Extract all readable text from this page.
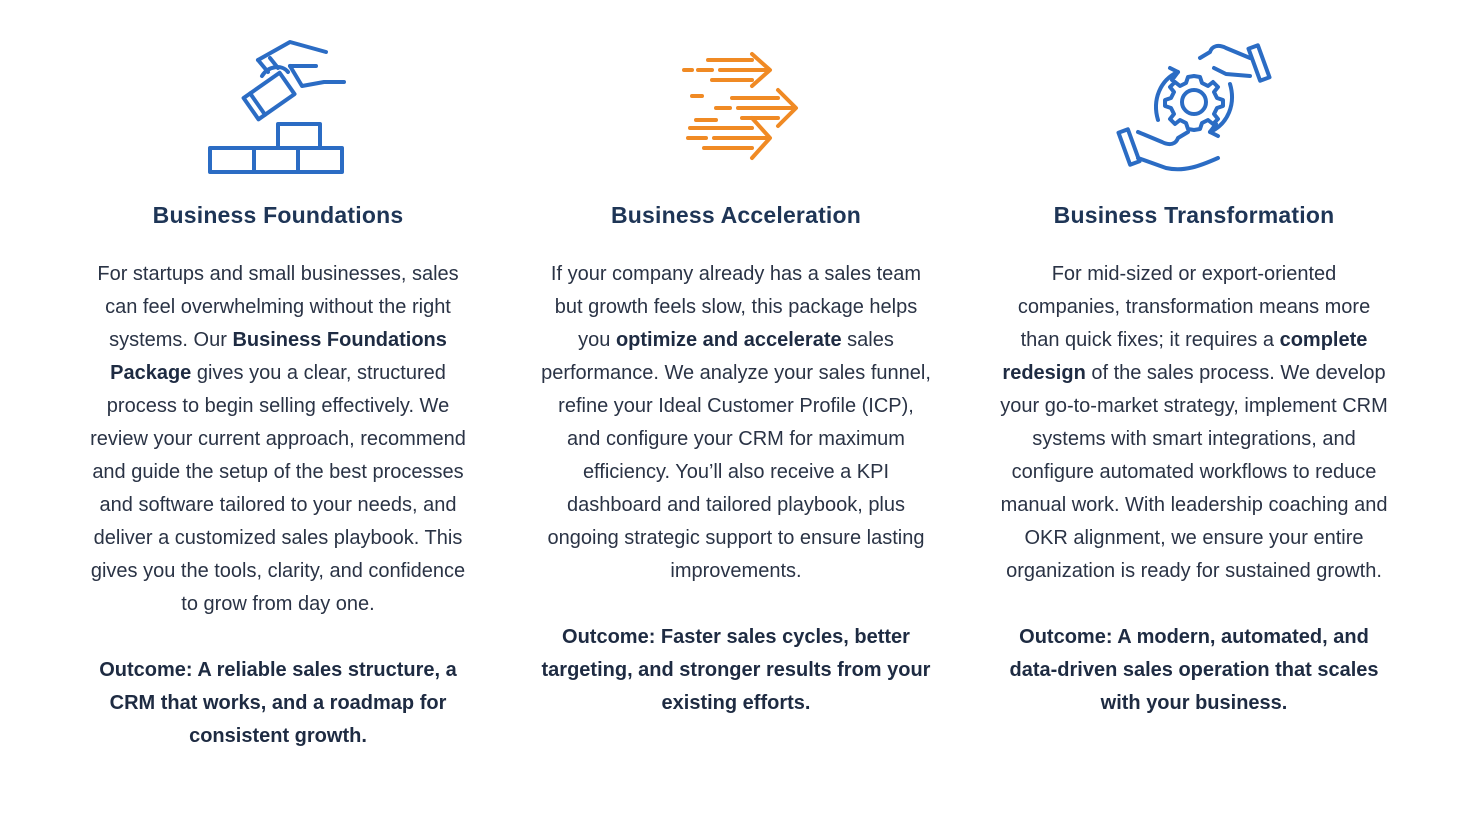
Business Foundations
For startups and small businesses, sales can feel overwhelming without the right systems. Our Business Foundations Package gives you a clear, structured process to begin selling effectively. We review your current approach, recommend and guide the setup of the best processes and software tailored to your needs, and deliver a customized sales playbook. This gives you the tools, clarity, and confidence to grow from day one.
Outcome: A reliable sales structure, a CRM that works, and a roadmap for consistent growth.
Business Acceleration
If your company already has a sales team but growth feels slow, this package helps you optimize and accelerate sales performance. We analyze your sales funnel, refine your Ideal Customer Profile (ICP), and configure your CRM for maximum efficiency. You’ll also receive a KPI dashboard and tailored playbook, plus ongoing strategic support to ensure lasting improvements.
Outcome: Faster sales cycles, better targeting, and stronger results from your existing efforts.
Business Transformation
For mid-sized or export-oriented companies, transformation means more than quick fixes; it requires a complete redesign of the sales process. We develop your go-to-market strategy, implement CRM systems with smart integrations, and configure automated workflows to reduce manual work. With leadership coaching and OKR alignment, we ensure your entire organization is ready for sustained growth.
Outcome: A modern, automated, and data-driven sales operation that scales with your business.
